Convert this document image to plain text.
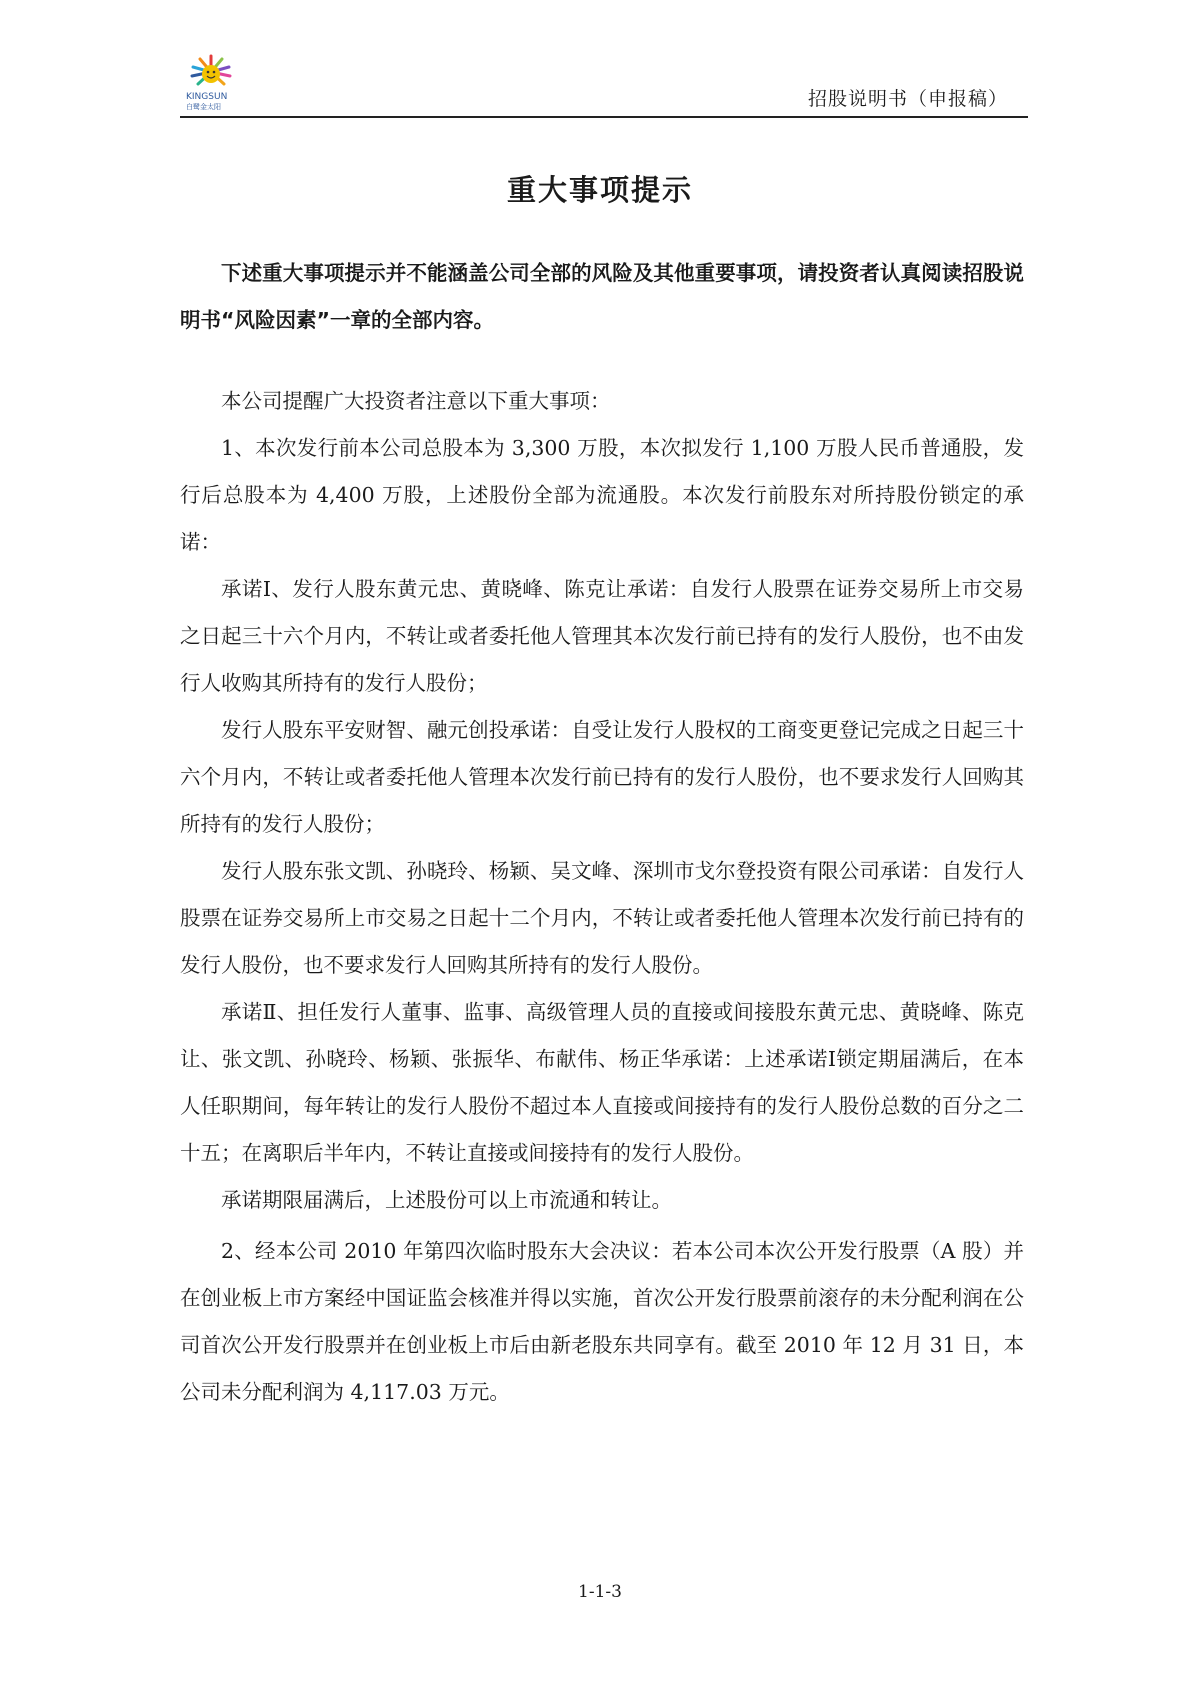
KINGSUN
白鹭金太阳	招股说明书（申报稿）
重大事项提示

下述重大事项提示并不能涵盖公司全部的风险及其他重要事项，请投资者认真阅读招股说明书“风险因素”一章的全部内容。

本公司提醒广大投资者注意以下重大事项：

1、本次发行前本公司总股本为 3,300 万股，本次拟发行 1,100 万股人民币普通股，发行后总股本为 4,400 万股，上述股份全部为流通股。本次发行前股东对所持股份锁定的承诺：

承诺Ⅰ、发行人股东黄元忠、黄晓峰、陈克让承诺：自发行人股票在证券交易所上市交易之日起三十六个月内，不转让或者委托他人管理其本次发行前已持有的发行人股份，也不由发行人收购其所持有的发行人股份；

发行人股东平安财智、融元创投承诺：自受让发行人股权的工商变更登记完成之日起三十六个月内，不转让或者委托他人管理本次发行前已持有的发行人股份，也不要求发行人回购其所持有的发行人股份；

发行人股东张文凯、孙晓玲、杨颖、吴文峰、深圳市戈尔登投资有限公司承诺：自发行人股票在证券交易所上市交易之日起十二个月内，不转让或者委托他人管理本次发行前已持有的发行人股份，也不要求发行人回购其所持有的发行人股份。

承诺Ⅱ、担任发行人董事、监事、高级管理人员的直接或间接股东黄元忠、黄晓峰、陈克让、张文凯、孙晓玲、杨颖、张振华、布献伟、杨正华承诺：上述承诺Ⅰ锁定期届满后，在本人任职期间，每年转让的发行人股份不超过本人直接或间接持有的发行人股份总数的百分之二十五；在离职后半年内，不转让直接或间接持有的发行人股份。

承诺期限届满后，上述股份可以上市流通和转让。

2、经本公司 2010 年第四次临时股东大会决议：若本公司本次公开发行股票（A 股）并在创业板上市方案经中国证监会核准并得以实施，首次公开发行股票前滚存的未分配利润在公司首次公开发行股票并在创业板上市后由新老股东共同享有。截至 2010 年 12 月 31 日，本公司未分配利润为 4,117.03 万元。

1-1-3
